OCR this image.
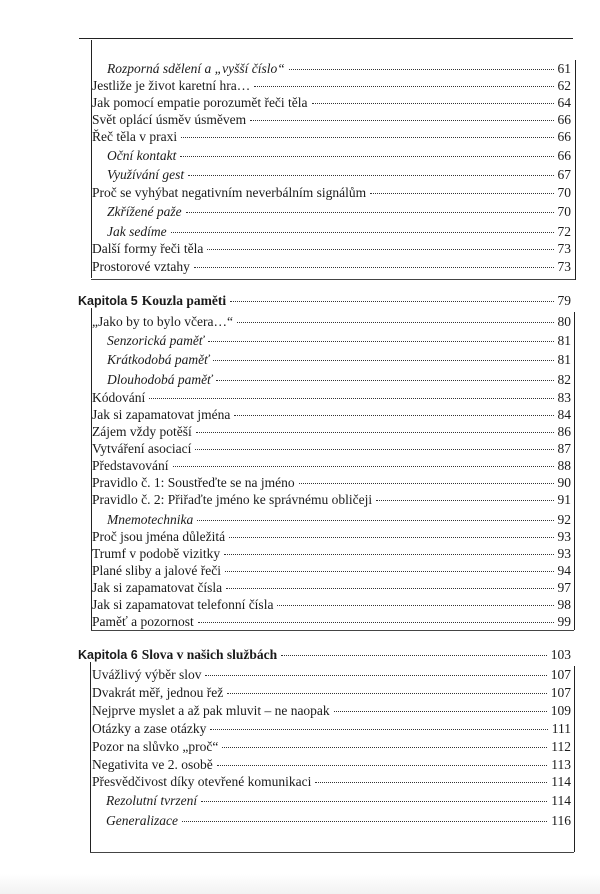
Rozporná sdělení a „vyšší číslo“	61
Jestliže je život karetní hra…	62
Jak pomocí empatie porozumět řeči těla	64
Svět oplácí úsměv úsměvem	66
Řeč těla v praxi	66
Oční kontakt	66
Využívání gest	67
Proč se vyhýbat negativním neverbálním signálům	70
Zkřížené paže	70
Jak sedíme	72
Další formy řeči těla	73
Prostorové vztahy	73
Kapitola 5 Kouzla paměti	79
„Jako by to bylo včera…“	80
Senzorická paměť	81
Krátkodobá paměť	81
Dlouhodobá paměť	82
Kódování	83
Jak si zapamatovat jména	84
Zájem vždy potěší	86
Vytváření asociací	87
Představování	88
Pravidlo č. 1: Soustřeďte se na jméno	90
Pravidlo č. 2: Přiřaďte jméno ke správnému obličeji	91
Mnemotechnika	92
Proč jsou jména důležitá	93
Trumf v podobě vizitky	93
Plané sliby a jalové řeči	94
Jak si zapamatovat čísla	97
Jak si zapamatovat telefonní čísla	98
Paměť a pozornost	99
Kapitola 6 Slova v našich službách	103
Uvážlivý výběr slov	107
Dvakrát měř, jednou řež	107
Nejprve myslet a až pak mluvit – ne naopak	109
Otázky a zase otázky	111
Pozor na slůvko „proč“	112
Negativita ve 2. osobě	113
Přesvědčivost díky otevřené komunikaci	114
Rezolutní tvrzení	114
Generalizace	116
